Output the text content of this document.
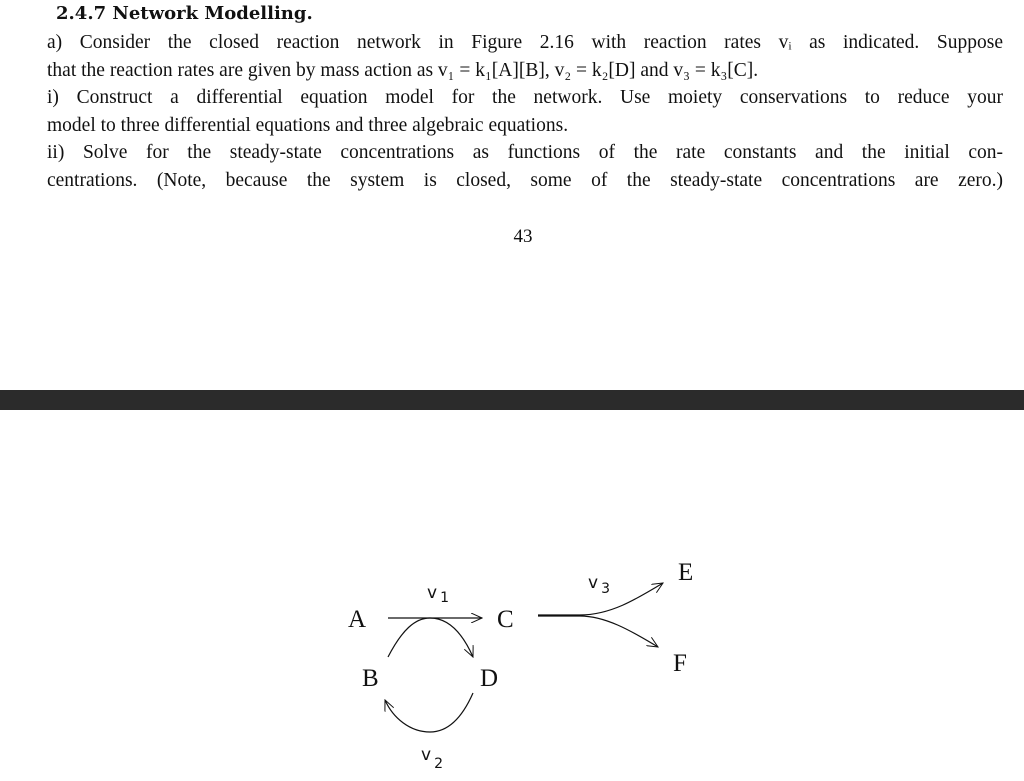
2.4.7 Network Modelling.
a) Consider the closed reaction network in Figure 2.16 with reaction rates vᵢ as indicated. Suppose
that the reaction rates are given by mass action as v₁ = k₁[A][B], v₂ = k₂[D] and v₃ = k₃[C].
i) Construct a differential equation model for the network. Use moiety conservations to reduce your
model to three differential equations and three algebraic equations.
ii) Solve for the steady-state concentrations as functions of the rate constants and the initial con-
centrations. (Note, because the system is closed, some of the steady-state concentrations are zero.)
43
A	C
B	D
E
F
v $_1$
v $_2$
v $_3$
